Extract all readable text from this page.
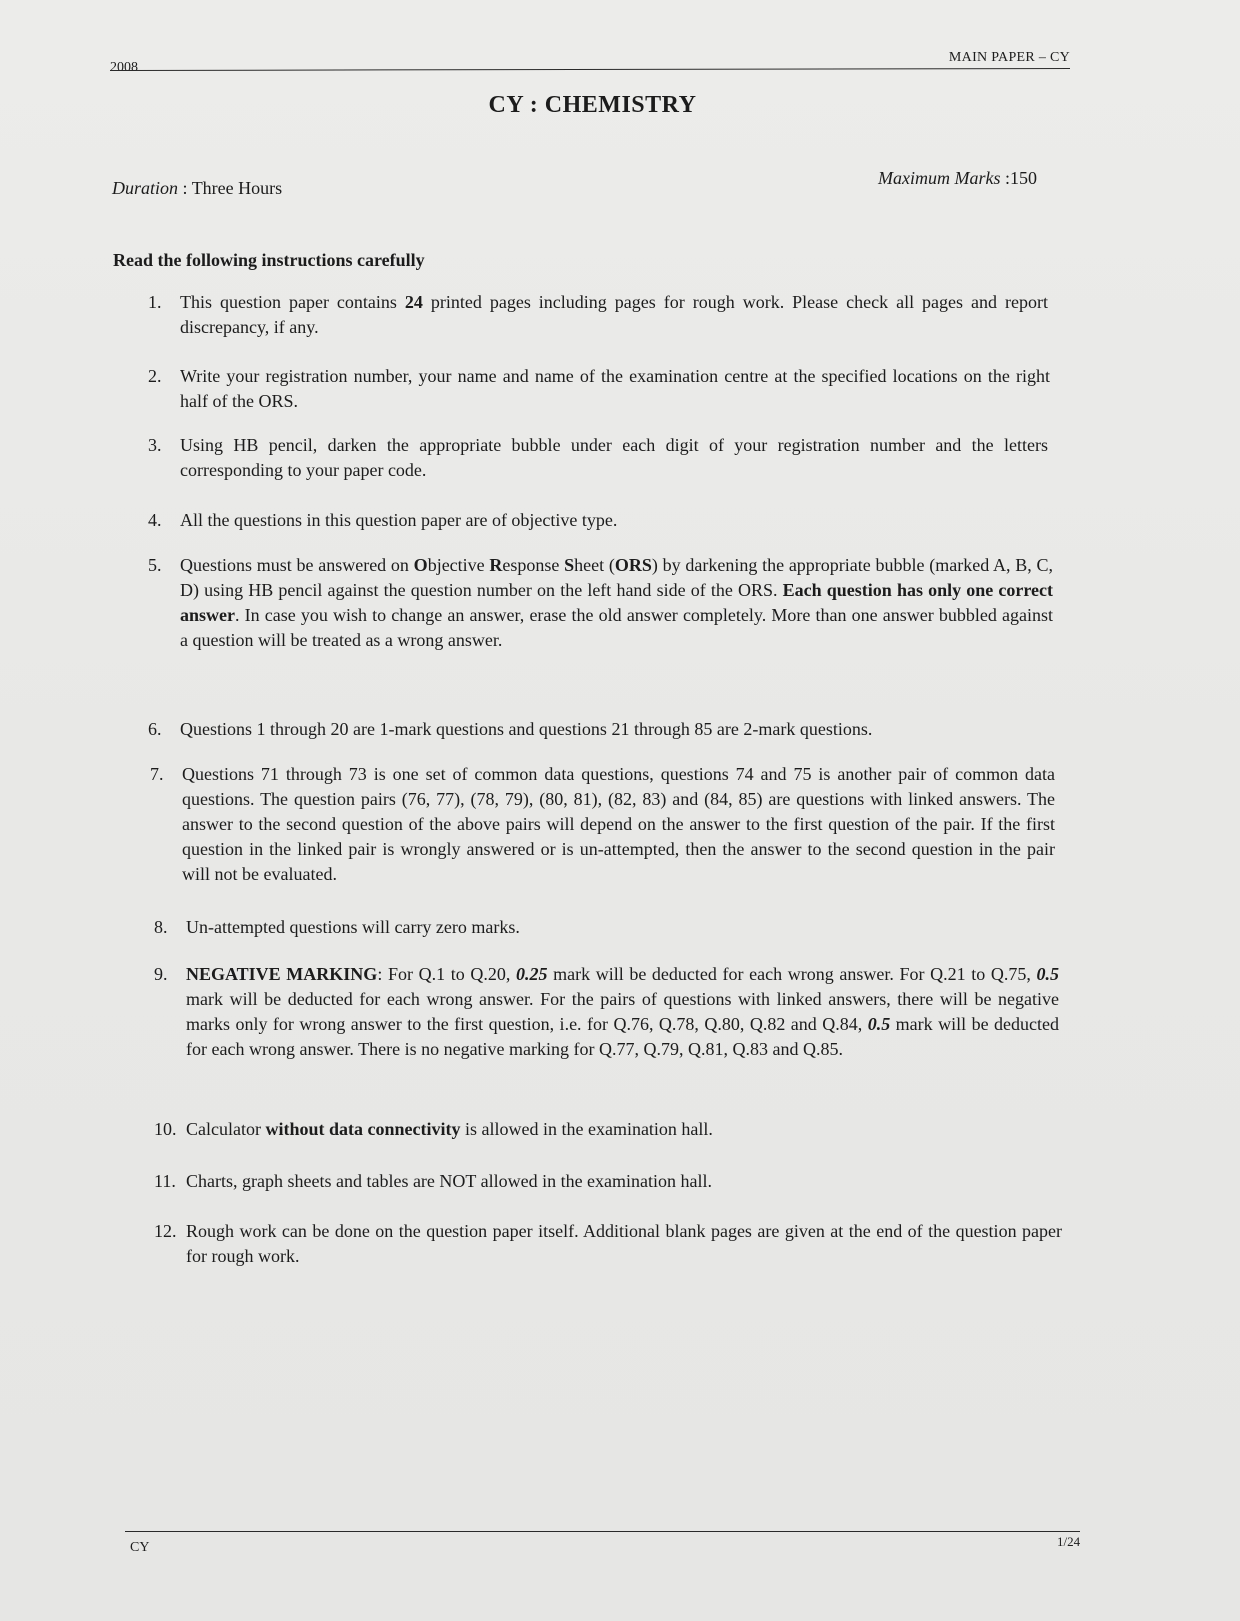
2008
MAIN PAPER – CY
CY : CHEMISTRY
Duration : Three Hours	Maximum Marks :150
Read the following instructions carefully
1. This question paper contains 24 printed pages including pages for rough work. Please check all pages and report discrepancy, if any.
2. Write your registration number, your name and name of the examination centre at the specified locations on the right half of the ORS.
3. Using HB pencil, darken the appropriate bubble under each digit of your registration number and the letters corresponding to your paper code.
4. All the questions in this question paper are of objective type.
5. Questions must be answered on Objective Response Sheet (ORS) by darkening the appropriate bubble (marked A, B, C, D) using HB pencil against the question number on the left hand side of the ORS. Each question has only one correct answer. In case you wish to change an answer, erase the old answer completely. More than one answer bubbled against a question will be treated as a wrong answer.
6. Questions 1 through 20 are 1-mark questions and questions 21 through 85 are 2-mark questions.
7. Questions 71 through 73 is one set of common data questions, questions 74 and 75 is another pair of common data questions. The question pairs (76, 77), (78, 79), (80, 81), (82, 83) and (84, 85) are questions with linked answers. The answer to the second question of the above pairs will depend on the answer to the first question of the pair. If the first question in the linked pair is wrongly answered or is un-attempted, then the answer to the second question in the pair will not be evaluated.
8. Un-attempted questions will carry zero marks.
9. NEGATIVE MARKING: For Q.1 to Q.20, 0.25 mark will be deducted for each wrong answer. For Q.21 to Q.75, 0.5 mark will be deducted for each wrong answer. For the pairs of questions with linked answers, there will be negative marks only for wrong answer to the first question, i.e. for Q.76, Q.78, Q.80, Q.82 and Q.84, 0.5 mark will be deducted for each wrong answer. There is no negative marking for Q.77, Q.79, Q.81, Q.83 and Q.85.
10. Calculator without data connectivity is allowed in the examination hall.
11. Charts, graph sheets and tables are NOT allowed in the examination hall.
12. Rough work can be done on the question paper itself. Additional blank pages are given at the end of the question paper for rough work.
CY	1/24
